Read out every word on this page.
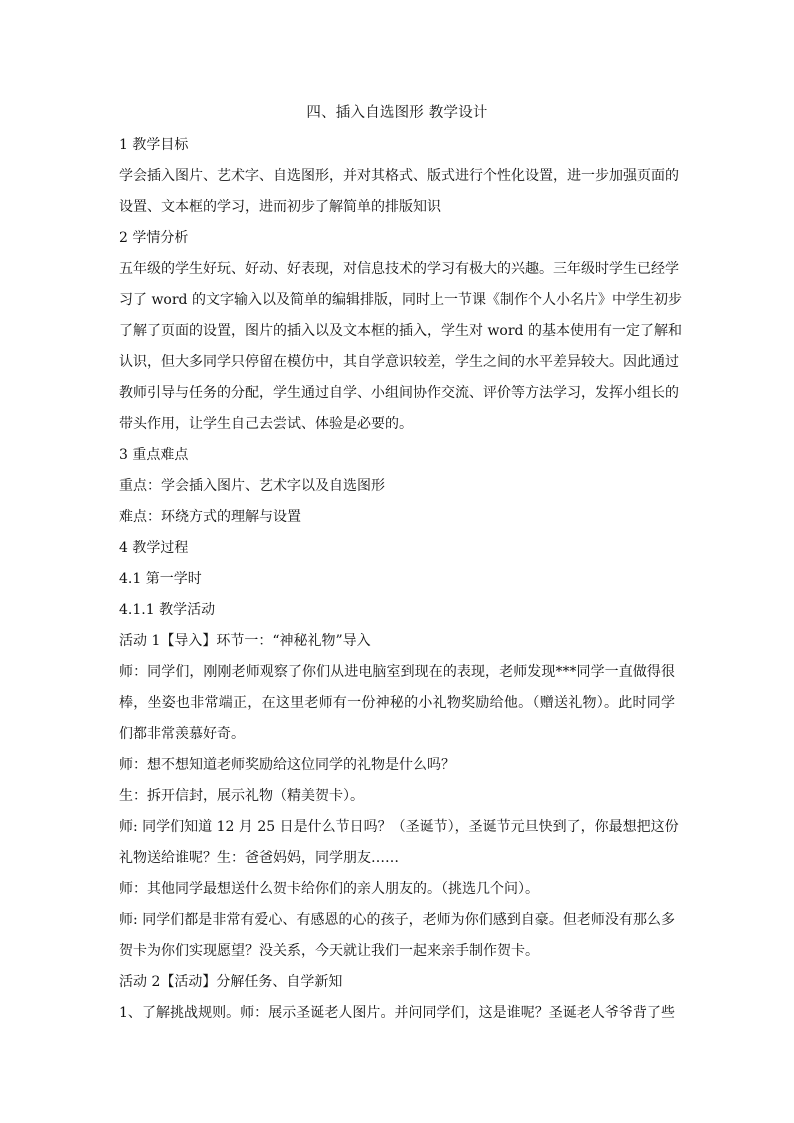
四、插入自选图形 教学设计
1 教学目标
学会插入图片、艺术字、自选图形，并对其格式、版式进行个性化设置，进一步加强页面的
设置、文本框的学习，进而初步了解简单的排版知识
2 学情分析
五年级的学生好玩、好动、好表现，对信息技术的学习有极大的兴趣。三年级时学生已经学
习了 word 的文字输入以及简单的编辑排版，同时上一节课《制作个人小名片》中学生初步
了解了页面的设置，图片的插入以及文本框的插入，学生对 word 的基本使用有一定了解和
认识，但大多同学只停留在模仿中，其自学意识较差，学生之间的水平差异较大。因此通过
教师引导与任务的分配，学生通过自学、小组间协作交流、评价等方法学习，发挥小组长的
带头作用，让学生自己去尝试、体验是必要的。
3 重点难点
重点：学会插入图片、艺术字以及自选图形
难点：环绕方式的理解与设置
4 教学过程
4.1 第一学时
4.1.1 教学活动
活动 1【导入】环节一：“神秘礼物”导入
师：同学们，刚刚老师观察了你们从进电脑室到现在的表现，老师发现***同学一直做得很
棒，坐姿也非常端正，在这里老师有一份神秘的小礼物奖励给他。（赠送礼物）。此时同学
们都非常羡慕好奇。
师：想不想知道老师奖励给这位同学的礼物是什么吗？
生：拆开信封，展示礼物（精美贺卡）。
师: 同学们知道 12 月 25 日是什么节日吗？（圣诞节），圣诞节元旦快到了，你最想把这份
礼物送给谁呢？生：爸爸妈妈，同学朋友……
师：其他同学最想送什么贺卡给你们的亲人朋友的。（挑选几个问）。
师: 同学们都是非常有爱心、有感恩的心的孩子，老师为你们感到自豪。但老师没有那么多
贺卡为你们实现愿望？没关系，今天就让我们一起来亲手制作贺卡。
活动 2【活动】分解任务、自学新知
1、了解挑战规则。师：展示圣诞老人图片。并问同学们，这是谁呢？圣诞老人爷爷背了些
